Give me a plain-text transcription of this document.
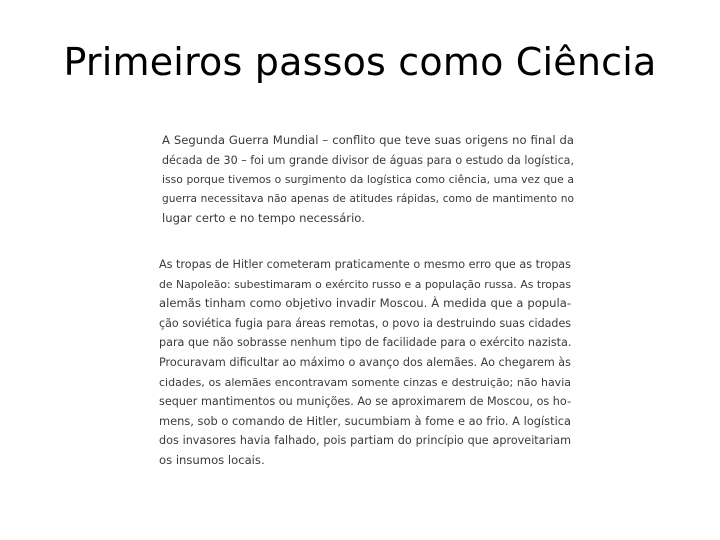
Primeiros passos como Ciência
A Segunda Guerra Mundial – conflito que teve suas origens no final da
década de 30 – foi um grande divisor de águas para o estudo da logística,
isso porque tivemos o surgimento da logística como ciência, uma vez que a
guerra necessitava não apenas de atitudes rápidas, como de mantimento no
lugar certo e no tempo necessário.
As tropas de Hitler cometeram praticamente o mesmo erro que as tropas
de Napoleão: subestimaram o exército russo e a população russa. As tropas
alemãs tinham como objetivo invadir Moscou. À medida que a popula-
ção soviética fugia para áreas remotas, o povo ia destruindo suas cidades
para que não sobrasse nenhum tipo de facilidade para o exército nazista.
Procuravam dificultar ao máximo o avanço dos alemães. Ao chegarem às
cidades, os alemães encontravam somente cinzas e destruição; não havia
sequer mantimentos ou munições. Ao se aproximarem de Moscou, os ho-
mens, sob o comando de Hitler, sucumbiam à fome e ao frio. A logística
dos invasores havia falhado, pois partiam do princípio que aproveitariam
os insumos locais.
